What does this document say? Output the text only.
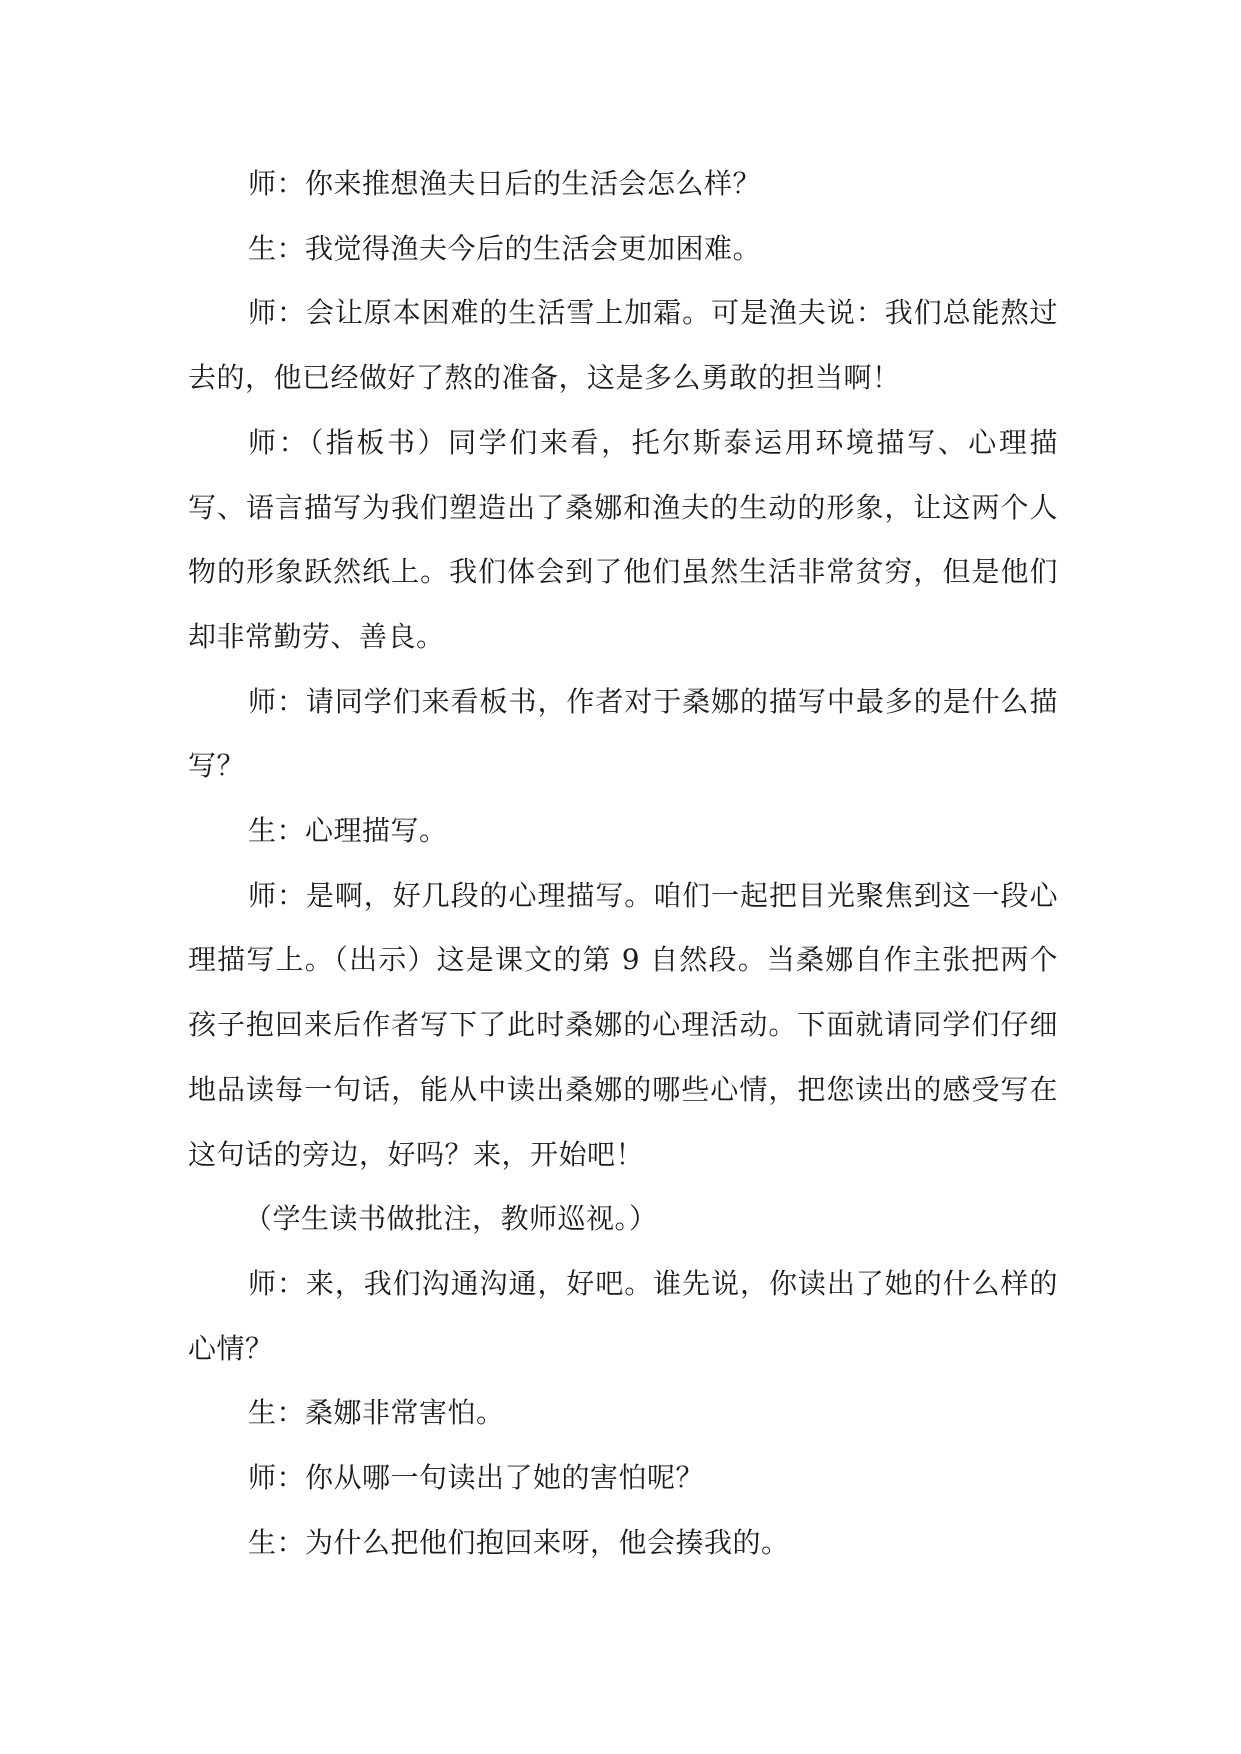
师：你来推想渔夫日后的生活会怎么样？

生：我觉得渔夫今后的生活会更加困难。

师：会让原本困难的生活雪上加霜。可是渔夫说：我们总能熬过去的，他已经做好了熬的准备，这是多么勇敢的担当啊！

师：（指板书）同学们来看，托尔斯泰运用环境描写、心理描写、语言描写为我们塑造出了桑娜和渔夫的生动的形象，让这两个人物的形象跃然纸上。我们体会到了他们虽然生活非常贫穷，但是他们却非常勤劳、善良。

师：请同学们来看板书，作者对于桑娜的描写中最多的是什么描写？

生：心理描写。

师：是啊，好几段的心理描写。咱们一起把目光聚焦到这一段心理描写上。（出示）这是课文的第 9 自然段。当桑娜自作主张把两个孩子抱回来后作者写下了此时桑娜的心理活动。下面就请同学们仔细地品读每一句话，能从中读出桑娜的哪些心情，把您读出的感受写在这句话的旁边，好吗？来，开始吧！

（学生读书做批注，教师巡视。）

师：来，我们沟通沟通，好吧。谁先说，你读出了她的什么样的心情？

生：桑娜非常害怕。

师：你从哪一句读出了她的害怕呢？

生：为什么把他们抱回来呀，他会揍我的。
